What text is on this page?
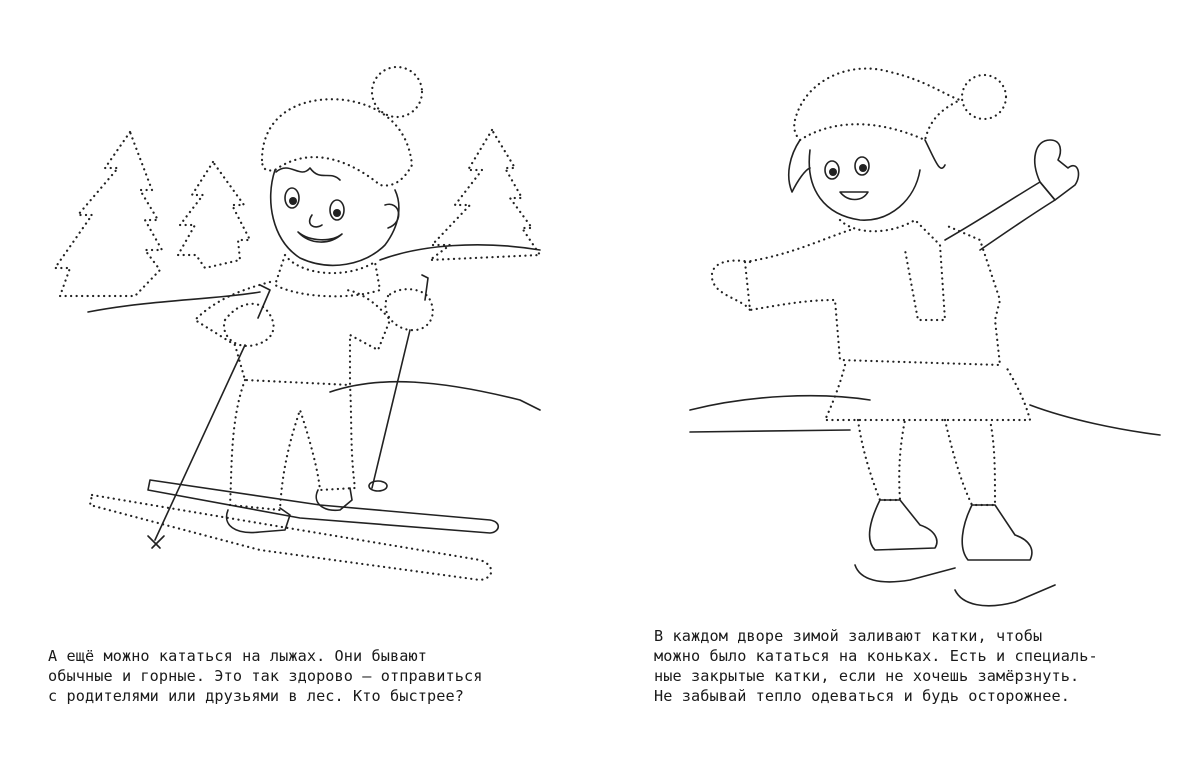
А ещё можно кататься на лыжах. Они бывают
обычные и горные. Это так здорово — отправиться
с родителями или друзьями в лес. Кто быстрее?
В каждом дворе зимой заливают катки, чтобы
можно было кататься на коньках. Есть и специаль-
ные закрытые катки, если не хочешь замёрзнуть.
Не забывай тепло одеваться и будь осторожнее.
